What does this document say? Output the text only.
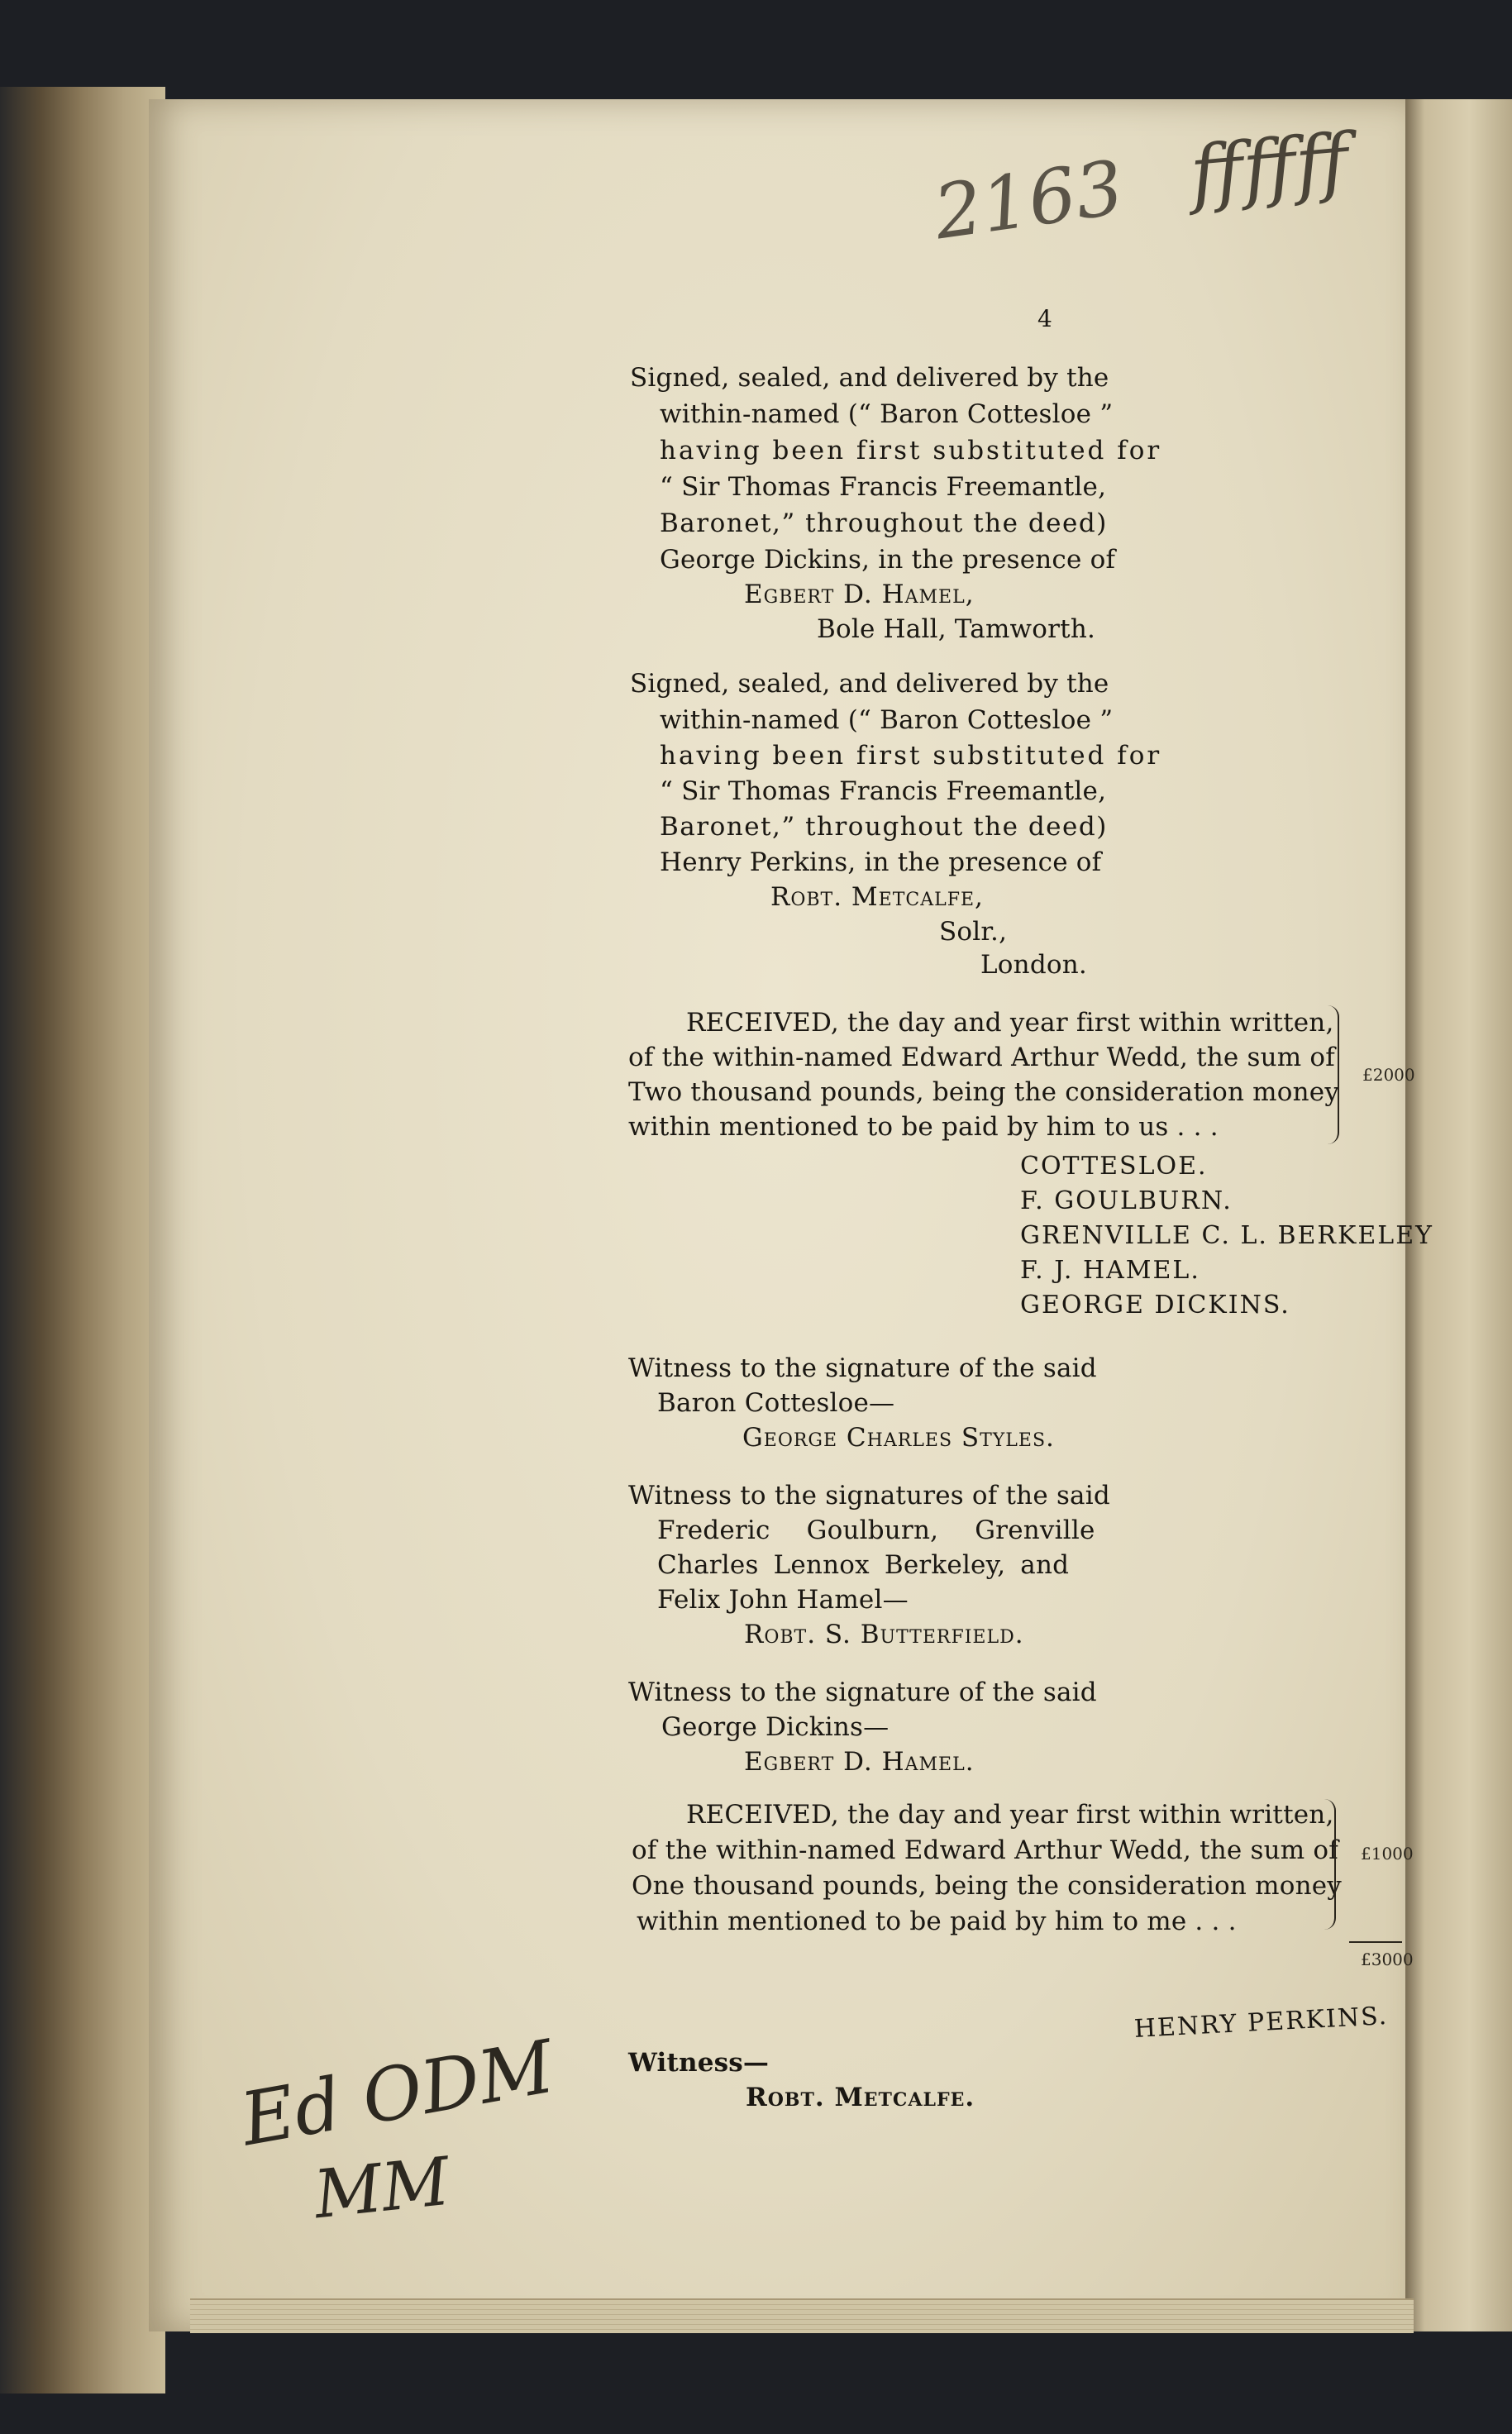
2163 ffffff
4
Signed, sealed, and delivered by the
within-named (“ Baron Cottesloe ”
having been first substituted for
“ Sir Thomas Francis Freemantle,
Baronet,” throughout the deed)
George Dickins, in the presence of
Egbert D. Hamel,
Bole Hall, Tamworth.
Signed, sealed, and delivered by the
within-named (“ Baron Cottesloe ”
having been first substituted for
“ Sir Thomas Francis Freemantle,
Baronet,” throughout the deed)
Henry Perkins, in the presence of
Robt. Metcalfe,
Solr.,
London.
RECEIVED, the day and year first within written,
of the within-named Edward Arthur Wedd, the sum of
Two thousand pounds, being the consideration money
within mentioned to be paid by him to us . . .
£2000
COTTESLOE.
F. GOULBURN.
GRENVILLE C. L. BERKELEY
F. J. HAMEL.
GEORGE DICKINS.
Witness to the signature of the said
Baron Cottesloe—
George Charles Styles.
Witness to the signatures of the said
Frederic Goulburn, Grenville
Charles Lennox Berkeley, and
Felix John Hamel—
Robt. S. Butterfield.
Witness to the signature of the said
George Dickins—
Egbert D. Hamel.
RECEIVED, the day and year first within written,
of the within-named Edward Arthur Wedd, the sum of
One thousand pounds, being the consideration money
within mentioned to be paid by him to me . . .
£1000
£3000
HENRY PERKINS.
Witness—
Robt. Metcalfe.
Ed ODM
MM
